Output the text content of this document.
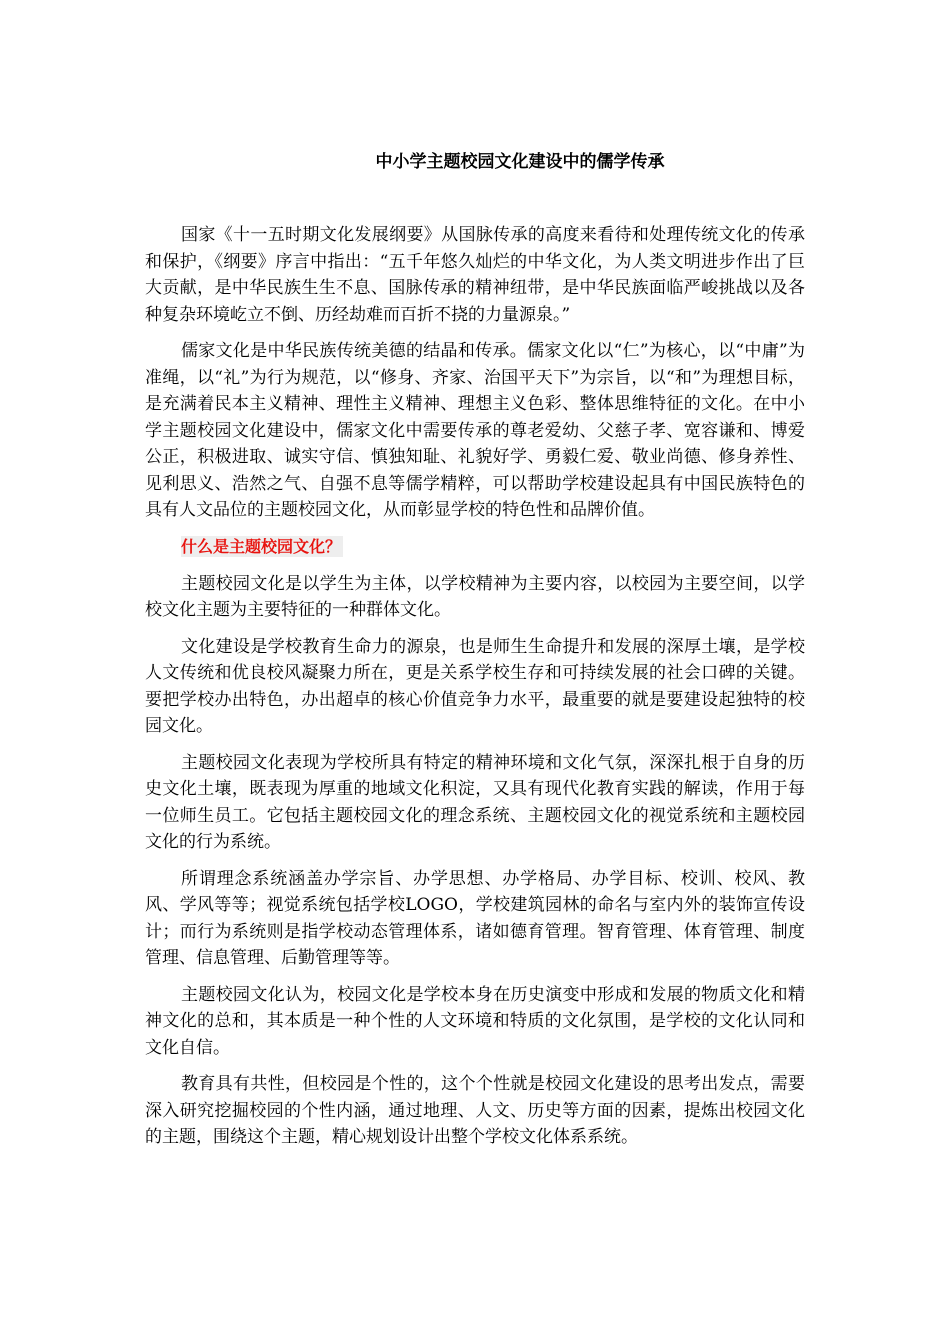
中小学主题校园文化建设中的儒学传承

国家《十一五时期文化发展纲要》从国脉传承的高度来看待和处理传统文化的传承和保护，《纲要》序言中指出：“五千年悠久灿烂的中华文化，为人类文明进步作出了巨大贡献，是中华民族生生不息、国脉传承的精神纽带，是中华民族面临严峻挑战以及各种复杂环境屹立不倒、历经劫难而百折不挠的力量源泉。”

儒家文化是中华民族传统美德的结晶和传承。儒家文化以“仁”为核心，以“中庸”为准绳，以“礼”为行为规范，以“修身、齐家、治国平天下”为宗旨，以“和”为理想目标，是充满着民本主义精神、理性主义精神、理想主义色彩、整体思维特征的文化。在中小学主题校园文化建设中，儒家文化中需要传承的尊老爱幼、父慈子孝、宽容谦和、博爱公正，积极进取、诚实守信、慎独知耻、礼貌好学、勇毅仁爱、敬业尚德、修身养性、见利思义、浩然之气、自强不息等儒学精粹，可以帮助学校建设起具有中国民族特色的具有人文品位的主题校园文化，从而彰显学校的特色性和品牌价值。

什么是主题校园文化？

主题校园文化是以学生为主体，以学校精神为主要内容，以校园为主要空间，以学校文化主题为主要特征的一种群体文化。

文化建设是学校教育生命力的源泉，也是师生生命提升和发展的深厚土壤，是学校人文传统和优良校风凝聚力所在，更是关系学校生存和可持续发展的社会口碑的关键。要把学校办出特色，办出超卓的核心价值竞争力水平，最重要的就是要建设起独特的校园文化。

主题校园文化表现为学校所具有特定的精神环境和文化气氛，深深扎根于自身的历史文化土壤，既表现为厚重的地域文化积淀，又具有现代化教育实践的解读，作用于每一位师生员工。它包括主题校园文化的理念系统、主题校园文化的视觉系统和主题校园文化的行为系统。

所谓理念系统涵盖办学宗旨、办学思想、办学格局、办学目标、校训、校风、教风、学风等等；视觉系统包括学校LOGO，学校建筑园林的命名与室内外的装饰宣传设计；而行为系统则是指学校动态管理体系，诸如德育管理。智育管理、体育管理、制度管理、信息管理、后勤管理等等。

主题校园文化认为，校园文化是学校本身在历史演变中形成和发展的物质文化和精神文化的总和，其本质是一种个性的人文环境和特质的文化氛围，是学校的文化认同和文化自信。

教育具有共性，但校园是个性的，这个个性就是校园文化建设的思考出发点，需要深入研究挖掘校园的个性内涵，通过地理、人文、历史等方面的因素，提炼出校园文化的主题，围绕这个主题，精心规划设计出整个学校文化体系系统。
